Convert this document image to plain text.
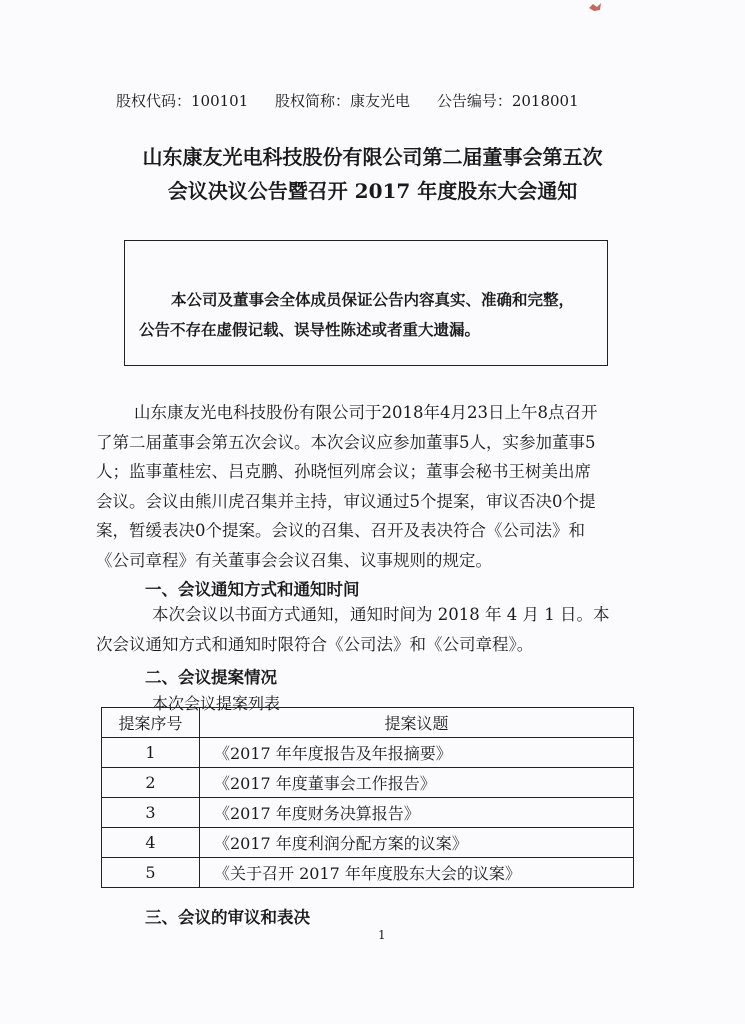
股权代码：100101 股权简称：康友光电 公告编号：2018001
山东康友光电科技股份有限公司第二届董事会第五次
会议决议公告暨召开 2017 年度股东大会通知

本公司及董事会全体成员保证公告内容真实、准确和完整，

公告不存在虚假记载、误导性陈述或者重大遗漏。

山东康友光电科技股份有限公司于2018年4月23日上午8点召开
了第二届董事会第五次会议。本次会议应参加董事5人，实参加董事5
人；监事董桂宏、吕克鹏、孙晓恒列席会议；董事会秘书王树美出席
会议。会议由熊川虎召集并主持，审议通过5个提案，审议否决0个提
案，暂缓表决0个提案。会议的召集、召开及表决符合《公司法》和
《公司章程》有关董事会会议召集、议事规则的规定。
一、会议通知方式和通知时间
本次会议以书面方式通知，通知时间为 2018 年 4 月 1 日。本
次会议通知方式和通知时限符合《公司法》和《公司章程》。
二、会议提案情况
本次会议提案列表
提案序号	提案议题
1	《2017 年年度报告及年报摘要》
2	《2017 年度董事会工作报告》
3	《2017 年度财务决算报告》
4	《2017 年度利润分配方案的议案》
5	《关于召开 2017 年年度股东大会的议案》
三、会议的审议和表决
1
